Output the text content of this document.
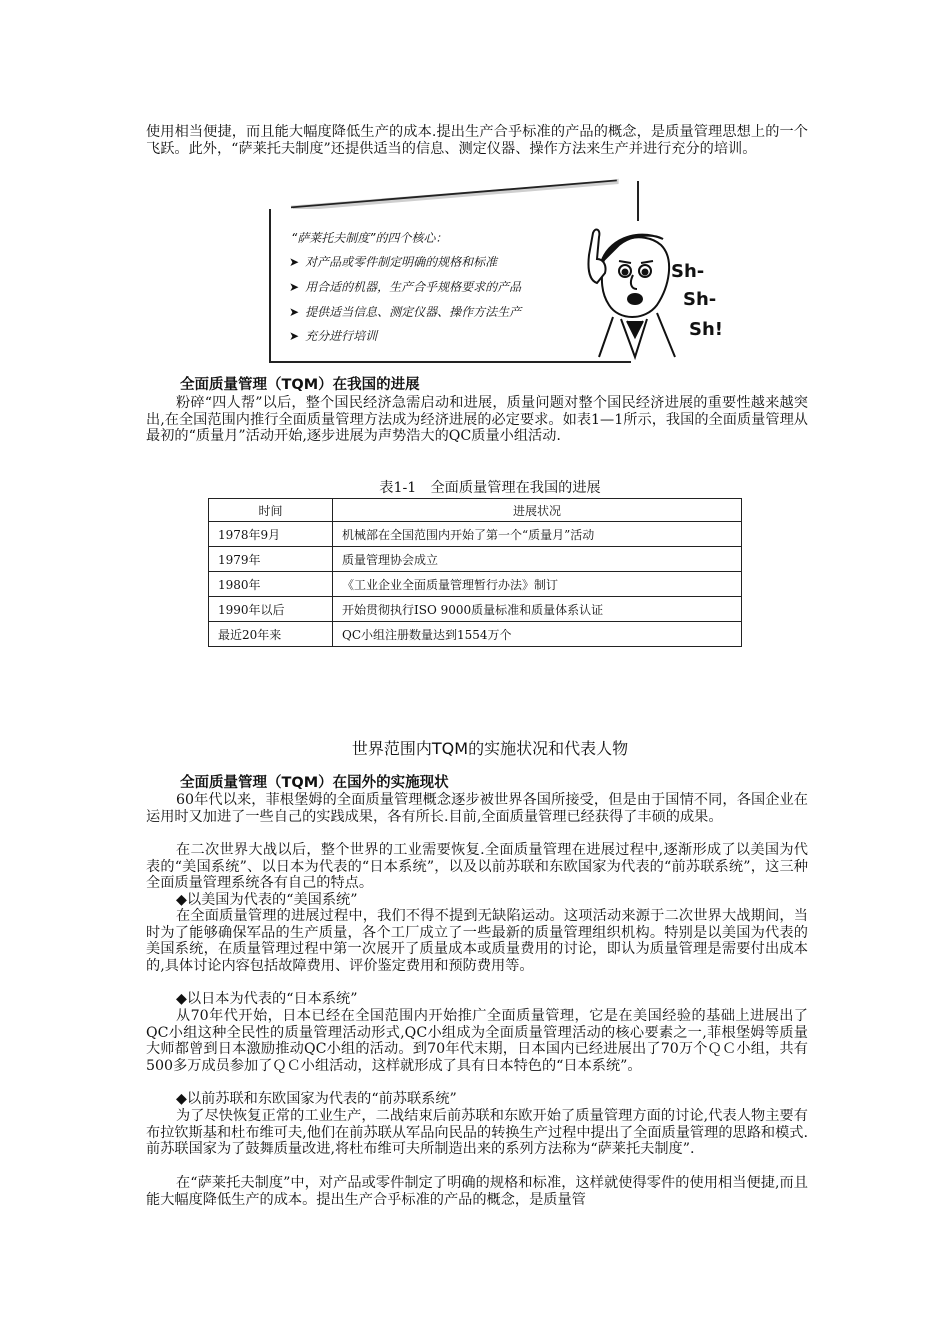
使用相当便捷，而且能大幅度降低生产的成本.提出生产合乎标准的产品的概念，是质量管理思想上的一个飞跃。此外，“萨莱托夫制度”还提供适当的信息、测定仪器、操作方法来生产并进行充分的培训。

“萨莱托夫制度”的四个核心：

➤ 对产品或零件制定明确的规格和标准

➤ 用合适的机器，生产合乎规格要求的产品

➤ 提供适当信息、测定仪器、操作方法生产

➤ 充分进行培训

Sh-
Sh-
Sh!

全面质量管理（TQM）在我国的进展

粉碎“四人帮”以后，整个国民经济急需启动和进展，质量问题对整个国民经济进展的重要性越来越突出,在全国范围内推行全面质量管理方法成为经济进展的必定要求。如表1—1所示，我国的全面质量管理从最初的“质量月”活动开始,逐步进展为声势浩大的QC质量小组活动.

表1-1　全面质量管理在我国的进展

时间	进展状况
1978年9月	机械部在全国范围内开始了第一个“质量月”活动
1979年	质量管理协会成立
1980年	《工业企业全面质量管理暂行办法》制订
1990年以后	开始贯彻执行ISO 9000质量标准和质量体系认证
最近20年来	QC小组注册数量达到1554万个

世界范围内TQM的实施状况和代表人物

全面质量管理（TQM）在国外的实施现状

60年代以来，菲根堡姆的全面质量管理概念逐步被世界各国所接受，但是由于国情不同，各国企业在运用时又加进了一些自己的实践成果，各有所长.目前,全面质量管理已经获得了丰硕的成果。

在二次世界大战以后，整个世界的工业需要恢复.全面质量管理在进展过程中,逐渐形成了以美国为代表的“美国系统”、以日本为代表的“日本系统”，以及以前苏联和东欧国家为代表的“前苏联系统”，这三种全面质量管理系统各有自己的特点。

◆以美国为代表的“美国系统”

在全面质量管理的进展过程中，我们不得不提到无缺陷运动。这项活动来源于二次世界大战期间，当时为了能够确保军品的生产质量，各个工厂成立了一些最新的质量管理组织机构。特别是以美国为代表的美国系统，在质量管理过程中第一次展开了质量成本或质量费用的讨论，即认为质量管理是需要付出成本的,具体讨论内容包括故障费用、评价鉴定费用和预防费用等。

◆以日本为代表的“日本系统”

从70年代开始，日本已经在全国范围内开始推广全面质量管理，它是在美国经验的基础上进展出了QC小组这种全民性的质量管理活动形式,QC小组成为全面质量管理活动的核心要素之一,菲根堡姆等质量大师都曾到日本激励推动QC小组的活动。到70年代末期，日本国内已经进展出了70万个ＱＣ小组，共有500多万成员参加了ＱＣ小组活动，这样就形成了具有日本特色的“日本系统”。

◆以前苏联和东欧国家为代表的“前苏联系统”

为了尽快恢复正常的工业生产，二战结束后前苏联和东欧开始了质量管理方面的讨论,代表人物主要有布拉钦斯基和杜布维可夫,他们在前苏联从军品向民品的转换生产过程中提出了全面质量管理的思路和模式.前苏联国家为了鼓舞质量改进,将杜布维可夫所制造出来的系列方法称为“萨莱托夫制度”.

在“萨莱托夫制度”中，对产品或零件制定了明确的规格和标准，这样就使得零件的使用相当便捷,而且能大幅度降低生产的成本。提出生产合乎标准的产品的概念，是质量管
